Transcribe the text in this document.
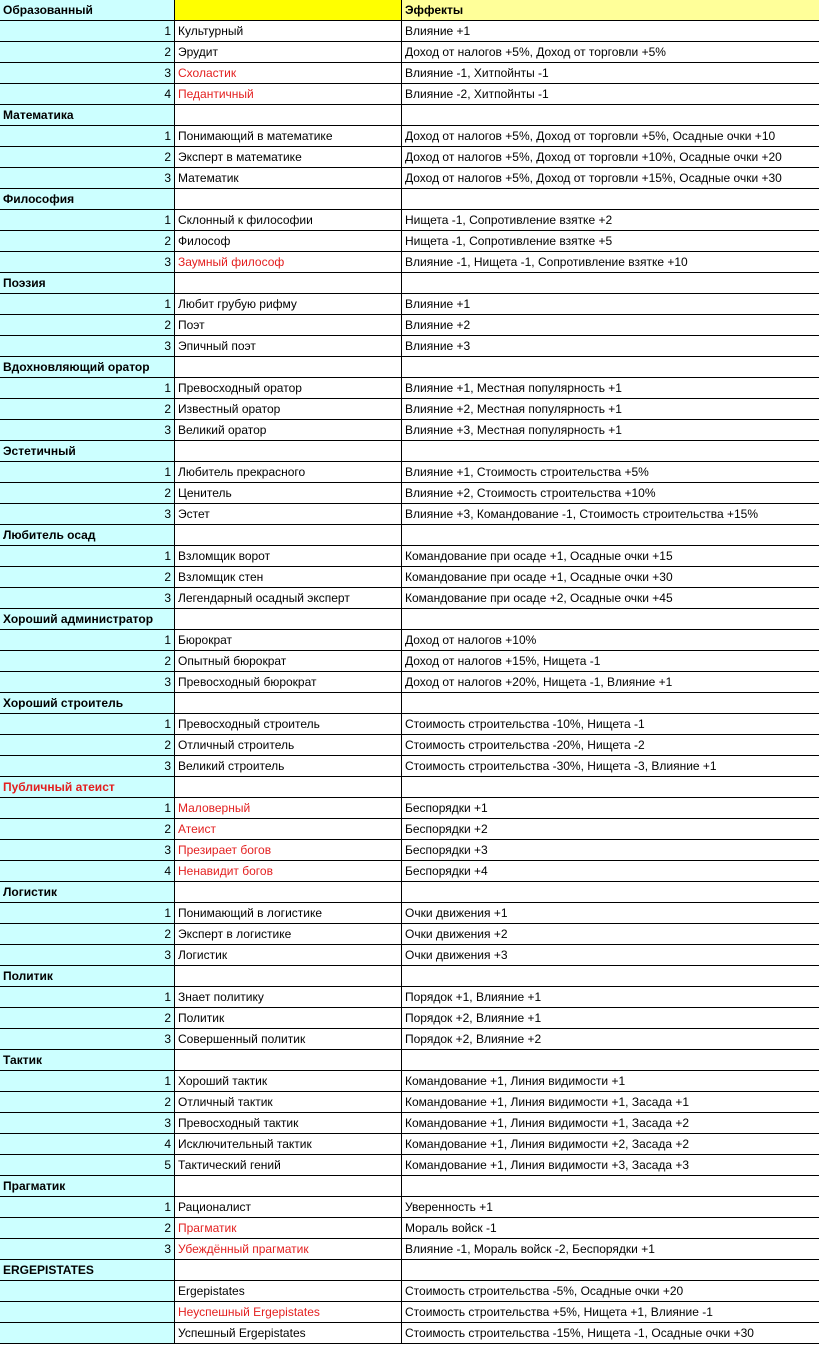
Образованный	Эффекты
1 Культурный	Влияние +1
2 Эрудит	Доход от налогов +5%, Доход от торговли +5%
3 Схоластик	Влияние -1, Хитпойнты -1
4 Педантичный	Влияние -2, Хитпойнты -1
Математика
1 Понимающий в математике	Доход от налогов +5%, Доход от торговли +5%, Осадные очки +10
2 Эксперт в математике	Доход от налогов +5%, Доход от торговли +10%, Осадные очки +20
3 Математик	Доход от налогов +5%, Доход от торговли +15%, Осадные очки +30
Философия
1 Склонный к философии	Нищета -1, Сопротивление взятке +2
2 Философ	Нищета -1, Сопротивление взятке +5
3 Заумный философ	Влияние -1, Нищета -1, Сопротивление взятке +10
Поэзия
1 Любит грубую рифму	Влияние +1
2 Поэт	Влияние +2
3 Эпичный поэт	Влияние +3
Вдохновляющий оратор
1 Превосходный оратор	Влияние +1, Местная популярность +1
2 Известный оратор	Влияние +2, Местная популярность +1
3 Великий оратор	Влияние +3, Местная популярность +1
Эстетичный
1 Любитель прекрасного	Влияние +1, Стоимость строительства +5%
2 Ценитель	Влияние +2, Стоимость строительства +10%
3 Эстет	Влияние +3, Командование -1, Стоимость строительства +15%
Любитель осад
1 Взломщик ворот	Командование при осаде +1, Осадные очки +15
2 Взломщик стен	Командование при осаде +1, Осадные очки +30
3 Легендарный осадный эксперт	Командование при осаде +2, Осадные очки +45
Хороший администратор
1 Бюрократ	Доход от налогов +10%
2 Опытный бюрократ	Доход от налогов +15%, Нищета -1
3 Превосходный бюрократ	Доход от налогов +20%, Нищета -1, Влияние +1
Хороший строитель
1 Превосходный строитель	Стоимость строительства -10%, Нищета -1
2 Отличный строитель	Стоимость строительства -20%, Нищета -2
3 Великий строитель	Стоимость строительства -30%, Нищета -3, Влияние +1
Публичный атеист
1 Маловерный	Беспорядки +1
2 Атеист	Беспорядки +2
3 Презирает богов	Беспорядки +3
4 Ненавидит богов	Беспорядки +4
Логистик
1 Понимающий в логистике	Очки движения +1
2 Эксперт в логистике	Очки движения +2
3 Логистик	Очки движения +3
Политик
1 Знает политику	Порядок +1, Влияние +1
2 Политик	Порядок +2, Влияние +1
3 Совершенный политик	Порядок +2, Влияние +2
Тактик
1 Хороший тактик	Командование +1, Линия видимости +1
2 Отличный тактик	Командование +1, Линия видимости +1, Засада +1
3 Превосходный тактик	Командование +1, Линия видимости +1, Засада +2
4 Исключительный тактик	Командование +1, Линия видимости +2, Засада +2
5 Тактический гений	Командование +1, Линия видимости +3, Засада +3
Прагматик
1 Рационалист	Уверенность +1
2 Прагматик	Мораль войск -1
3 Убеждённый прагматик	Влияние -1, Мораль войск -2, Беспорядки +1
ERGEPISTATES
Ergepistates	Стоимость строительства -5%, Осадные очки +20
Неуспешный Ergepistates	Стоимость строительства +5%, Нищета +1, Влияние -1
Успешный Ergepistates	Стоимость строительства -15%, Нищета -1, Осадные очки +30
